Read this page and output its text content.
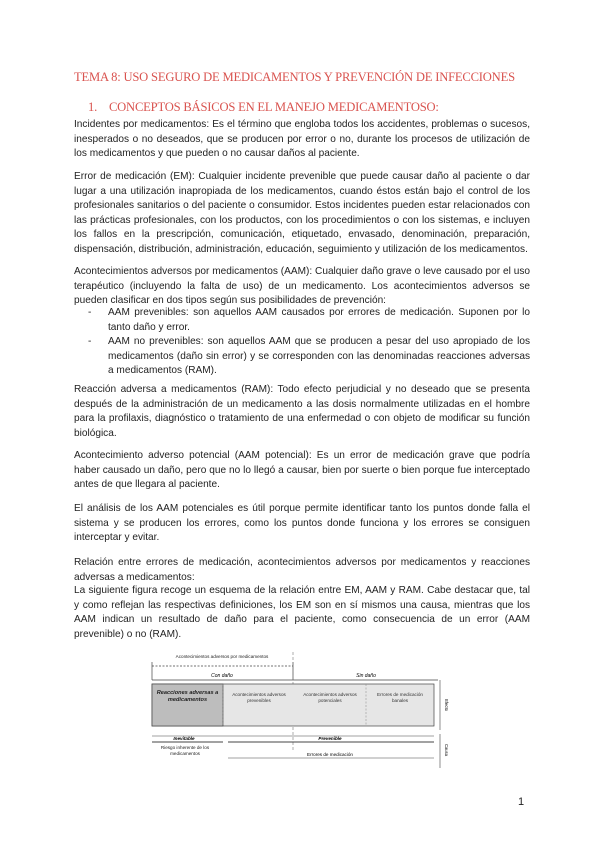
TEMA 8: USO SEGURO DE MEDICAMENTOS Y PREVENCIÓN DE INFECCIONES
1. CONCEPTOS BÁSICOS EN EL MANEJO MEDICAMENTOSO:

Incidentes por medicamentos: Es el término que engloba todos los accidentes, problemas o sucesos, inesperados o no deseados, que se producen por error o no, durante los procesos de utilización de los medicamentos y que pueden o no causar daños al paciente.

Error de medicación (EM): Cualquier incidente prevenible que puede causar daño al paciente o dar lugar a una utilización inapropiada de los medicamentos, cuando éstos están bajo el control de los profesionales sanitarios o del paciente o consumidor. Estos incidentes pueden estar relacionados con las prácticas profesionales, con los productos, con los procedimientos o con los sistemas, e incluyen los fallos en la prescripción, comunicación, etiquetado, envasado, denominación, preparación, dispensación, distribución, administración, educación, seguimiento y utilización de los medicamentos.

Acontecimientos adversos por medicamentos (AAM): Cualquier daño grave o leve causado por el uso terapéutico (incluyendo la falta de uso) de un medicamento. Los acontecimientos adversos se pueden clasificar en dos tipos según sus posibilidades de prevención:

- AAM prevenibles: son aquellos AAM causados por errores de medicación. Suponen por lo tanto daño y error.
- AAM no prevenibles: son aquellos AAM que se producen a pesar del uso apropiado de los medicamentos (daño sin error) y se corresponden con las denominadas reacciones adversas a medicamentos (RAM).

Reacción adversa a medicamentos (RAM): Todo efecto perjudicial y no deseado que se presenta después de la administración de un medicamento a las dosis normalmente utilizadas en el hombre para la profilaxis, diagnóstico o tratamiento de una enfermedad o con objeto de modificar su función biológica.

Acontecimiento adverso potencial (AAM potencial): Es un error de medicación grave que podría haber causado un daño, pero que no lo llegó a causar, bien por suerte o bien porque fue interceptado antes de que llegara al paciente.

El análisis de los AAM potenciales es útil porque permite identificar tanto los puntos donde falla el sistema y se producen los errores, como los puntos donde funciona y los errores se consiguen interceptar y evitar.

Relación entre errores de medicación, acontecimientos adversos por medicamentos y reacciones adversas a medicamentos:

La siguiente figura recoge un esquema de la relación entre EM, AAM y RAM. Cabe destacar que, tal y como reflejan las respectivas definiciones, los EM son en sí mismos una causa, mientras que los AAM indican un resultado de daño para el paciente, como consecuencia de un error (AAM prevenible) o no (RAM).

Acontecimientos adversos por medicamentos
Con daño	Sin daño
Reacciones adversas a medicamentos
Acontecimientos adversos prevenibles
Acontecimientos adversos potenciales
Errores de medicación banales	Efecto
Inevitable	Prevenible
Riesgo inherente de los medicamentos	Errores de medicación	Causa
1
